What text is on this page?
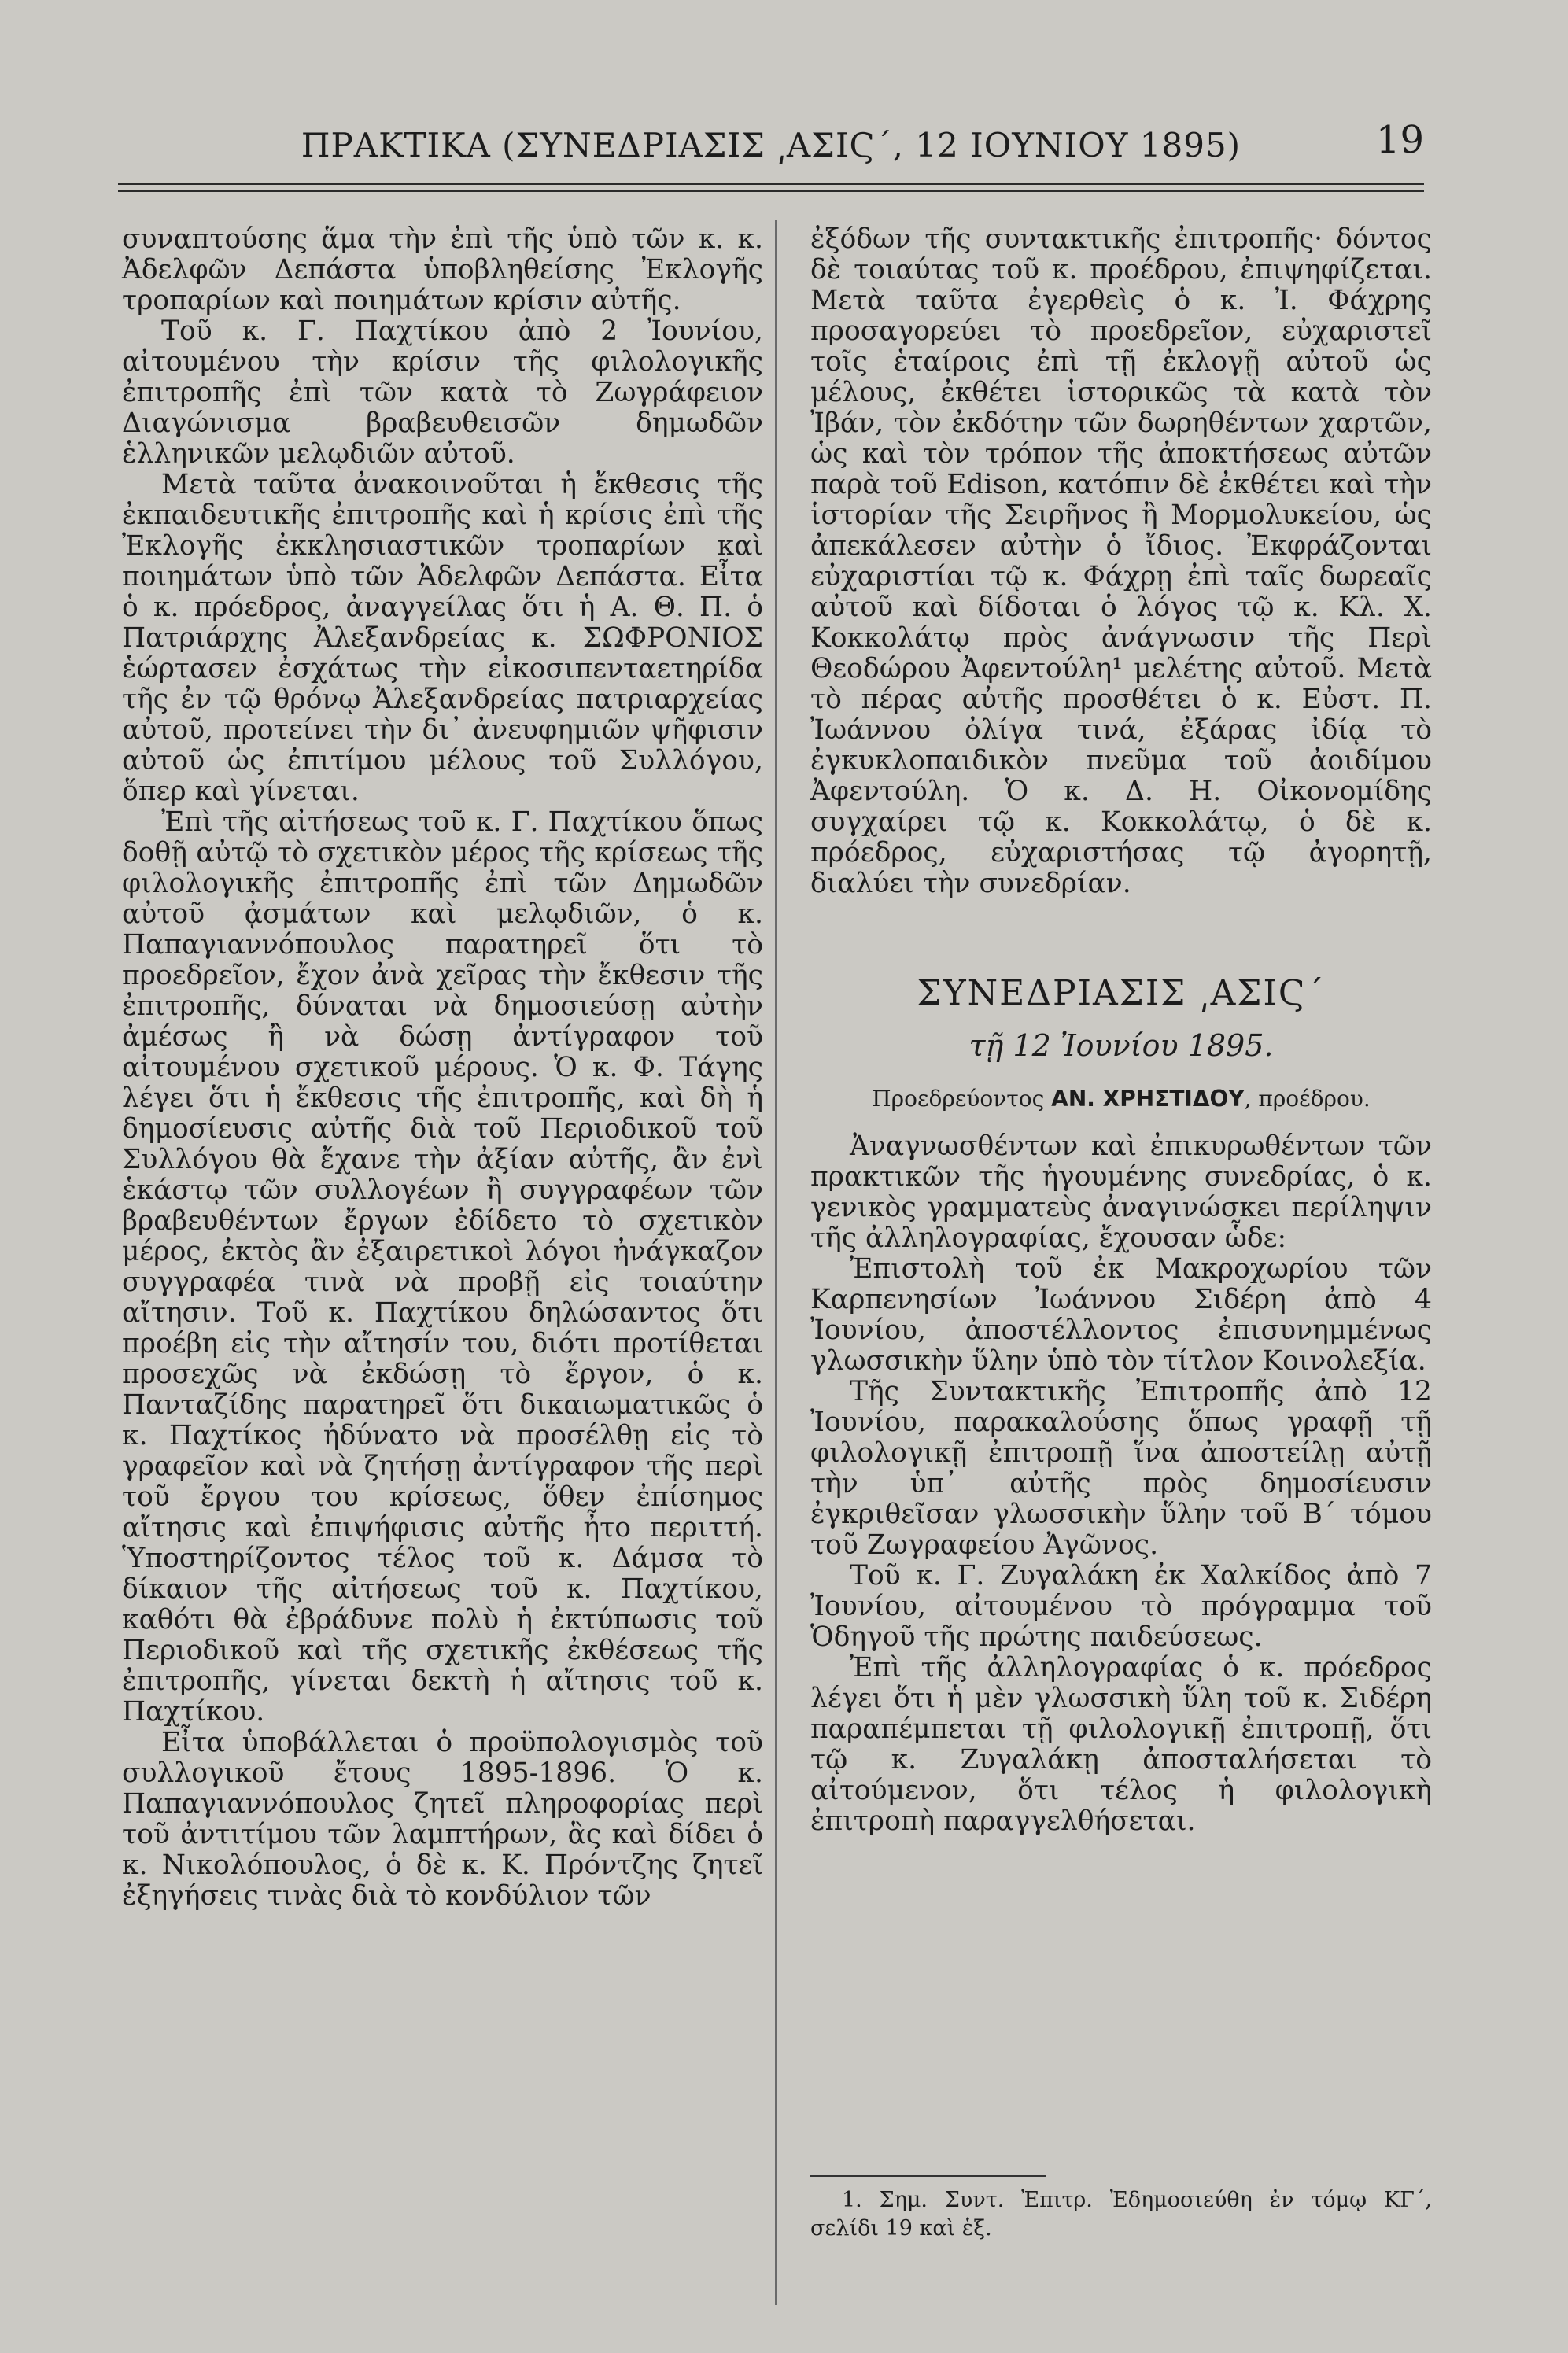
ΠΡΑΚΤΙΚΑ (ΣΥΝΕΔΡΙΑΣΙΣ ͵ΑΣΙϚ΄, 12 ΙΟΥΝΙΟΥ 1895)	19

συναπτούσης ἅμα τὴν ἐπὶ τῆς ὑπὸ τῶν κ. κ. Ἀδελφῶν Δεπάστα ὑποβληθείσης Ἐκλογῆς τροπαρίων καὶ ποιημάτων κρίσιν αὐτῆς.

Τοῦ κ. Γ. Παχτίκου ἀπὸ 2 Ἰουνίου, αἰτουμένου τὴν κρίσιν τῆς φιλολογικῆς ἐπιτροπῆς ἐπὶ τῶν κατὰ τὸ Ζωγράφειον Διαγώνισμα βραβευθεισῶν δημωδῶν ἑλληνικῶν μελῳδιῶν αὐτοῦ.

Μετὰ ταῦτα ἀνακοινοῦται ἡ ἔκθεσις τῆς ἐκπαιδευτικῆς ἐπιτροπῆς καὶ ἡ κρίσις ἐπὶ τῆς Ἐκλογῆς ἐκκλησιαστικῶν τροπαρίων καὶ ποιημάτων ὑπὸ τῶν Ἀδελφῶν Δεπάστα. Εἶτα ὁ κ. πρόεδρος, ἀναγγείλας ὅτι ἡ Α. Θ. Π. ὁ Πατριάρχης Ἀλεξανδρείας κ. ΣΩΦΡΟΝΙΟΣ ἑώρτασεν ἐσχάτως τὴν εἰκοσιπενταετηρίδα τῆς ἐν τῷ θρόνῳ Ἀλεξανδρείας πατριαρχείας αὐτοῦ, προτείνει τὴν δι᾽ ἀνευφημιῶν ψῆφισιν αὐτοῦ ὡς ἐπιτίμου μέλους τοῦ Συλλόγου, ὅπερ καὶ γίνεται.

Ἐπὶ τῆς αἰτήσεως τοῦ κ. Γ. Παχτίκου ὅπως δοθῇ αὐτῷ τὸ σχετικὸν μέρος τῆς κρίσεως τῆς φιλολογικῆς ἐπιτροπῆς ἐπὶ τῶν Δημωδῶν αὐτοῦ ᾀσμάτων καὶ μελῳδιῶν, ὁ κ. Παπαγιαννόπουλος παρατηρεῖ ὅτι τὸ προεδρεῖον, ἔχον ἀνὰ χεῖρας τὴν ἔκθεσιν τῆς ἐπιτροπῆς, δύναται νὰ δημοσιεύσῃ αὐτὴν ἀμέσως ἢ νὰ δώσῃ ἀντίγραφον τοῦ αἰτουμένου σχετικοῦ μέρους. Ὁ κ. Φ. Τάγης λέγει ὅτι ἡ ἔκθεσις τῆς ἐπιτροπῆς, καὶ δὴ ἡ δημοσίευσις αὐτῆς διὰ τοῦ Περιοδικοῦ τοῦ Συλλόγου θὰ ἔχανε τὴν ἀξίαν αὐτῆς, ἂν ἐνὶ ἑκάστῳ τῶν συλλογέων ἢ συγγραφέων τῶν βραβευθέντων ἔργων ἐδίδετο τὸ σχετικὸν μέρος, ἐκτὸς ἂν ἐξαιρετικοὶ λόγοι ἠνάγκαζον συγγραφέα τινὰ νὰ προβῇ εἰς τοιαύτην αἴτησιν. Τοῦ κ. Παχτίκου δηλώσαντος ὅτι προέβη εἰς τὴν αἴτησίν του, διότι προτίθεται προσεχῶς νὰ ἐκδώσῃ τὸ ἔργον, ὁ κ. Πανταζίδης παρατηρεῖ ὅτι δικαιωματικῶς ὁ κ. Παχτίκος ἠδύνατο νὰ προσέλθῃ εἰς τὸ γραφεῖον καὶ νὰ ζητήσῃ ἀντίγραφον τῆς περὶ τοῦ ἔργου του κρίσεως, ὅθεν ἐπίσημος αἴτησις καὶ ἐπιψήφισις αὐτῆς ἦτο περιττή. Ὑποστηρίζοντος τέλος τοῦ κ. Δάμσα τὸ δίκαιον τῆς αἰτήσεως τοῦ κ. Παχτίκου, καθότι θὰ ἐβράδυνε πολὺ ἡ ἐκτύπωσις τοῦ Περιοδικοῦ καὶ τῆς σχετικῆς ἐκθέσεως τῆς ἐπιτροπῆς, γίνεται δεκτὴ ἡ αἴτησις τοῦ κ. Παχτίκου.

Εἶτα ὑποβάλλεται ὁ προϋπολογισμὸς τοῦ συλλογικοῦ ἔτους 1895-1896. Ὁ κ. Παπαγιαννόπουλος ζητεῖ πληροφορίας περὶ τοῦ ἀντιτίμου τῶν λαμπτήρων, ἃς καὶ δίδει ὁ κ. Νικολόπουλος, ὁ δὲ κ. Κ. Πρόντζης ζητεῖ ἐξηγήσεις τινὰς διὰ τὸ κονδύλιον τῶν

ἐξόδων τῆς συντακτικῆς ἐπιτροπῆς· δόντος δὲ τοιαύτας τοῦ κ. προέδρου, ἐπιψηφίζεται. Μετὰ ταῦτα ἐγερθεὶς ὁ κ. Ἰ. Φάχρης προσαγορεύει τὸ προεδρεῖον, εὐχαριστεῖ τοῖς ἑταίροις ἐπὶ τῇ ἐκλογῇ αὐτοῦ ὡς μέλους, ἐκθέτει ἱστορικῶς τὰ κατὰ τὸν Ἰβάν, τὸν ἐκδότην τῶν δωρηθέντων χαρτῶν, ὡς καὶ τὸν τρόπον τῆς ἀποκτήσεως αὐτῶν παρὰ τοῦ Edison, κατόπιν δὲ ἐκθέτει καὶ τὴν ἱστορίαν τῆς Σειρῆνος ἢ Μορμολυκείου, ὡς ἀπεκάλεσεν αὐτὴν ὁ ἴδιος. Ἐκφράζονται εὐχαριστίαι τῷ κ. Φάχρῃ ἐπὶ ταῖς δωρεαῖς αὐτοῦ καὶ δίδοται ὁ λόγος τῷ κ. Κλ. Χ. Κοκκολάτῳ πρὸς ἀνάγνωσιν τῆς Περὶ Θεοδώρου Ἀφεντούλη¹ μελέτης αὐτοῦ. Μετὰ τὸ πέρας αὐτῆς προσθέτει ὁ κ. Εὐστ. Π. Ἰωάννου ὀλίγα τινά, ἐξάρας ἰδίᾳ τὸ ἐγκυκλοπαιδικὸν πνεῦμα τοῦ ἀοιδίμου Ἀφεντούλη. Ὁ κ. Δ. Η. Οἰκονομίδης συγχαίρει τῷ κ. Κοκκολάτῳ, ὁ δὲ κ. πρόεδρος, εὐχαριστήσας τῷ ἀγορητῇ, διαλύει τὴν συνεδρίαν.

ΣΥΝΕΔΡΙΑΣΙΣ ͵ΑΣΙϚ΄
τῇ 12 Ἰουνίου 1895.
Προεδρεύοντος ΑΝ. ΧΡΗΣΤΙΔΟΥ, προέδρου.

Ἀναγνωσθέντων καὶ ἐπικυρωθέντων τῶν πρακτικῶν τῆς ἡγουμένης συνεδρίας, ὁ κ. γενικὸς γραμματεὺς ἀναγινώσκει περίληψιν τῆς ἀλληλογραφίας, ἔχουσαν ὧδε:

Ἐπιστολὴ τοῦ ἐκ Μακροχωρίου τῶν Καρπενησίων Ἰωάννου Σιδέρη ἀπὸ 4 Ἰουνίου, ἀποστέλλοντος ἐπισυνημμένως γλωσσικὴν ὕλην ὑπὸ τὸν τίτλον Κοινολεξία.

Τῆς Συντακτικῆς Ἐπιτροπῆς ἀπὸ 12 Ἰουνίου, παρακαλούσης ὅπως γραφῇ τῇ φιλολογικῇ ἐπιτροπῇ ἵνα ἀποστείλῃ αὐτῇ τὴν ὑπ᾽ αὐτῆς πρὸς δημοσίευσιν ἐγκριθεῖσαν γλωσσικὴν ὕλην τοῦ Β΄ τόμου τοῦ Ζωγραφείου Ἀγῶνος.

Τοῦ κ. Γ. Ζυγαλάκη ἐκ Χαλκίδος ἀπὸ 7 Ἰουνίου, αἰτουμένου τὸ πρόγραμμα τοῦ Ὁδηγοῦ τῆς πρώτης παιδεύσεως.

Ἐπὶ τῆς ἀλληλογραφίας ὁ κ. πρόεδρος λέγει ὅτι ἡ μὲν γλωσσικὴ ὕλη τοῦ κ. Σιδέρη παραπέμπεται τῇ φιλολογικῇ ἐπιτροπῇ, ὅτι τῷ κ. Ζυγαλάκῃ ἀποσταλήσεται τὸ αἰτούμενον, ὅτι τέλος ἡ φιλολογικὴ ἐπιτροπὴ παραγγελθήσεται.

1. Σημ. Συντ. Ἐπιτρ. Ἐδημοσιεύθη ἐν τόμῳ ΚΓ΄, σελίδι 19 καὶ ἑξ.
